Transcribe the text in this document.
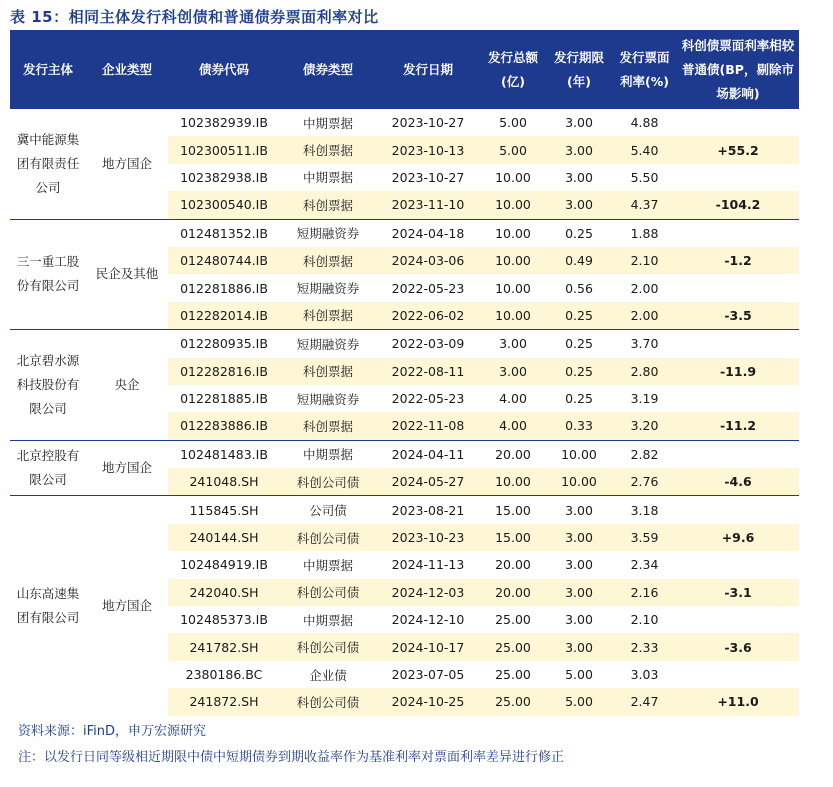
表 15：相同主体发行科创债和普通债券票面利率对比
发行主体	企业类型	债券代码	债券类型	发行日期	发行总额(亿)	发行期限(年)	发行票面利率(%)	科创债票面利率相较普通债(BP，剔除市场影响)
冀中能源集团有限责任公司	地方国企	102382939.IB	中期票据	2023-10-27	5.00	3.00	4.88	
		102300511.IB	科创票据	2023-10-13	5.00	3.00	5.40	+55.2
		102382938.IB	中期票据	2023-10-27	10.00	3.00	5.50	
		102300540.IB	科创票据	2023-11-10	10.00	3.00	4.37	-104.2
三一重工股份有限公司	民企及其他	012481352.IB	短期融资券	2024-04-18	10.00	0.25	1.88	
		012480744.IB	科创票据	2024-03-06	10.00	0.49	2.10	-1.2
		012281886.IB	短期融资券	2022-05-23	10.00	0.56	2.00	
		012282014.IB	科创票据	2022-06-02	10.00	0.25	2.00	-3.5
北京碧水源科技股份有限公司	央企	012280935.IB	短期融资券	2022-03-09	3.00	0.25	3.70	
		012282816.IB	科创票据	2022-08-11	3.00	0.25	2.80	-11.9
		012281885.IB	短期融资券	2022-05-23	4.00	0.25	3.19	
		012283886.IB	科创票据	2022-11-08	4.00	0.33	3.20	-11.2
北京控股有限公司	地方国企	102481483.IB	中期票据	2024-04-11	20.00	10.00	2.82	
		241048.SH	科创公司债	2024-05-27	10.00	10.00	2.76	-4.6
山东高速集团有限公司	地方国企	115845.SH	公司债	2023-08-21	15.00	3.00	3.18	
		240144.SH	科创公司债	2023-10-23	15.00	3.00	3.59	+9.6
		102484919.IB	中期票据	2024-11-13	20.00	3.00	2.34	
		242040.SH	科创公司债	2024-12-03	20.00	3.00	2.16	-3.1
		102485373.IB	中期票据	2024-12-10	25.00	3.00	2.10	
		241782.SH	科创公司债	2024-10-17	25.00	3.00	2.33	-3.6
		2380186.BC	企业债	2023-07-05	25.00	5.00	3.03	
		241872.SH	科创公司债	2024-10-25	25.00	5.00	2.47	+11.0
资料来源：iFinD，申万宏源研究
注：以发行日同等级相近期限中债中短期债券到期收益率作为基准利率对票面利率差异进行修正
